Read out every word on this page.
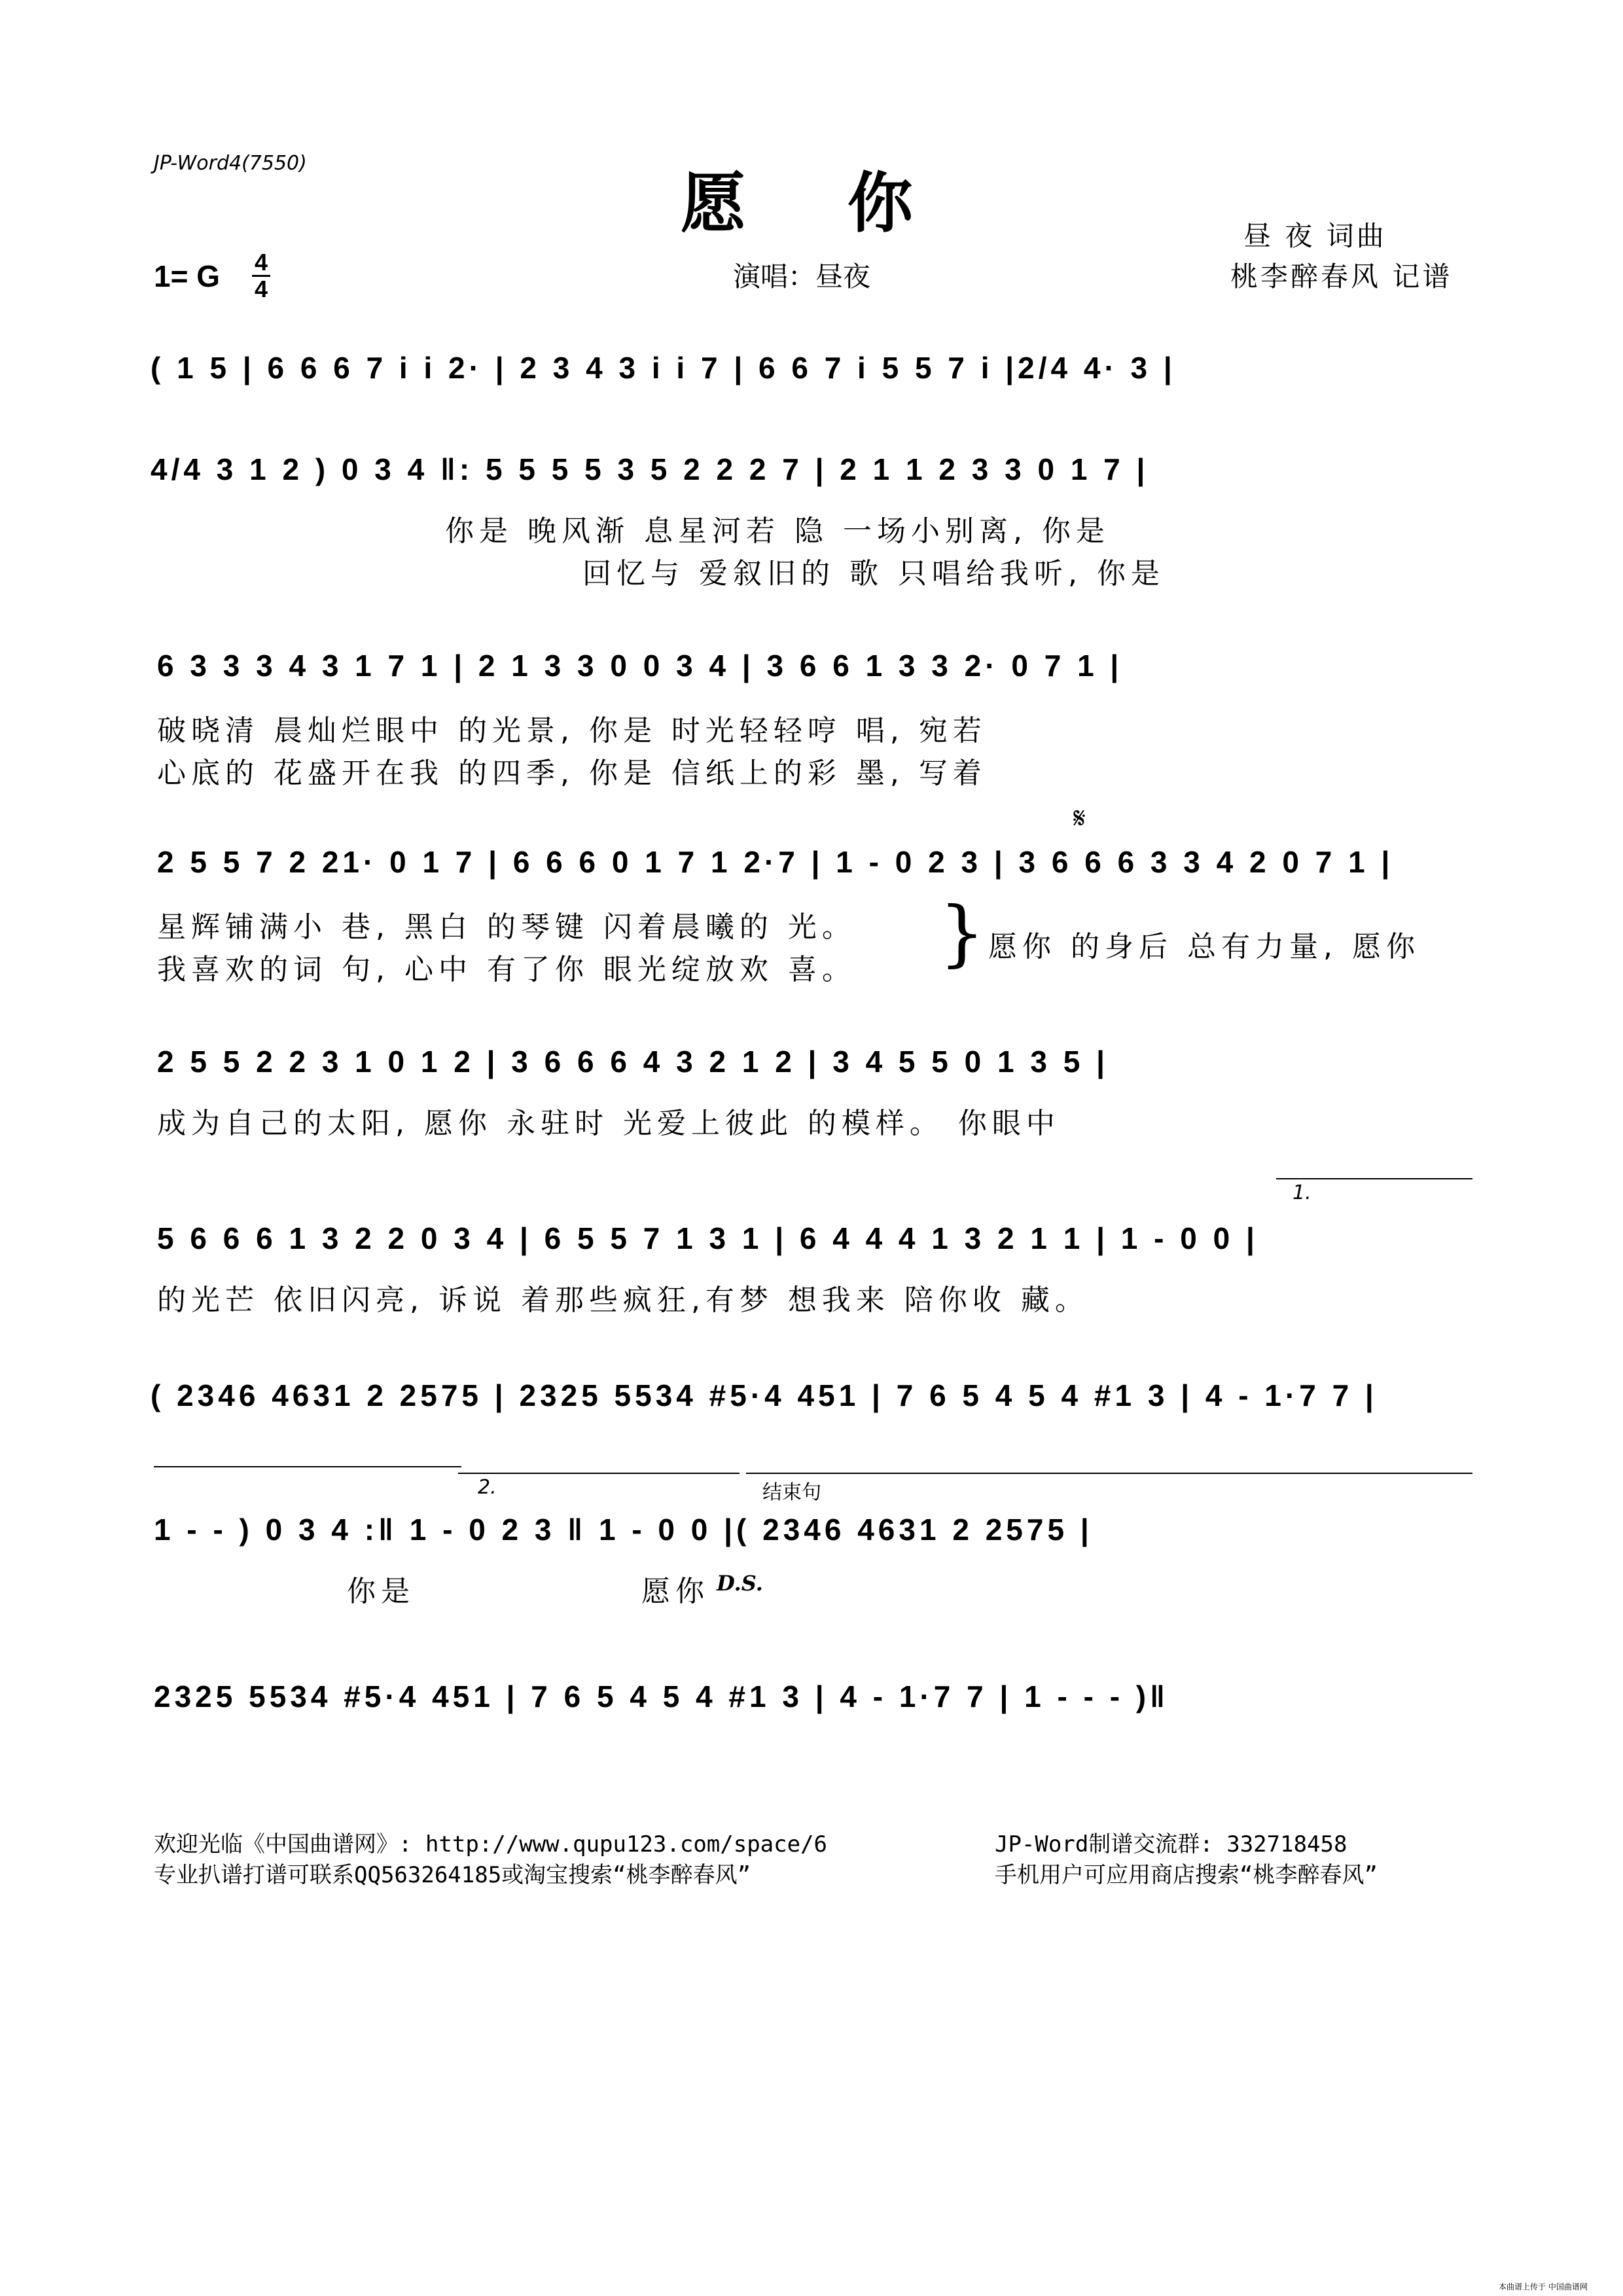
JP-Word4(7550)
愿 你	昼 夜 词曲
桃李醉春风 记谱
演唱：昼夜
1= G 4
4
( 1 5 | 6 6 6 7 i i 2· | 2 3 4 3 i i 7 | 6 6 7 i 5 5 7 i |2/4 4· 3 |
4/4 3 1 2 ) 0 3 4 ‖: 5 5 5 5 3 5 2 2 2 7 | 2 1 1 2 3 3 0 1 7 |
你是 晚风渐 息星河若 隐 一场小别离, 你是
回忆与 爱叙旧的 歌 只唱给我听, 你是
6 3 3 3 4 3 1 7 1 | 2 1 3 3 0 0 3 4 | 3 6 6 1 3 3 2· 0 7 1 |
破晓清 晨灿烂眼中 的光景, 你是 时光轻轻哼 唱, 宛若
心底的 花盛开在我 的四季, 你是 信纸上的彩 墨, 写着
𝄋
2 5 5 7 2 21· 0 1 7 | 6 6 6 0 1 7 1 2·7 | 1 - 0 2 3 | 3 6 6 6 3 3 4 2 0 7 1 |
星辉铺满小 巷, 黑白 的琴键 闪着晨曦的 光。
我喜欢的词 句, 心中 有了你 眼光绽放欢 喜。 } 愿你 的身后 总有力量, 愿你
2 5 5 2 2 3 1 0 1 2 | 3 6 6 6 4 3 2 1 2 | 3 4 5 5 0 1 3 5 |
成为自己的太阳, 愿你 永驻时 光爱上彼此 的模样。 你眼中
1.
5 6 6 6 1 3 2 2 0 3 4 | 6 5 5 7 1 3 1 | 6 4 4 4 1 3 2 1 1 | 1 - 0 0 |
的光芒 依旧闪亮, 诉说 着那些疯狂,有梦 想我来 陪你收 藏。
( 2346 4631 2 2575 | 2325 5534 #5·4 451 | 7 6 5 4 5 4 #1 3 | 4 - 1·7 7 |
2.	结束句
1 - - ) 0 3 4 :‖ 1 - 0 2 3 ‖ 1 - 0 0 |( 2346 4631 2 2575 |
你是	愿你 D.S.
2325 5534 #5·4 451 | 7 6 5 4 5 4 #1 3 | 4 - 1·7 7 | 1 - - - )‖
欢迎光临《中国曲谱网》: http://www.qupu123.com/space/6
专业扒谱打谱可联系QQ563264185或淘宝搜索“桃李醉春风”
JP-Word制谱交流群: 332718458
手机用户可应用商店搜索“桃李醉春风”
本曲谱上传于 中国曲谱网
